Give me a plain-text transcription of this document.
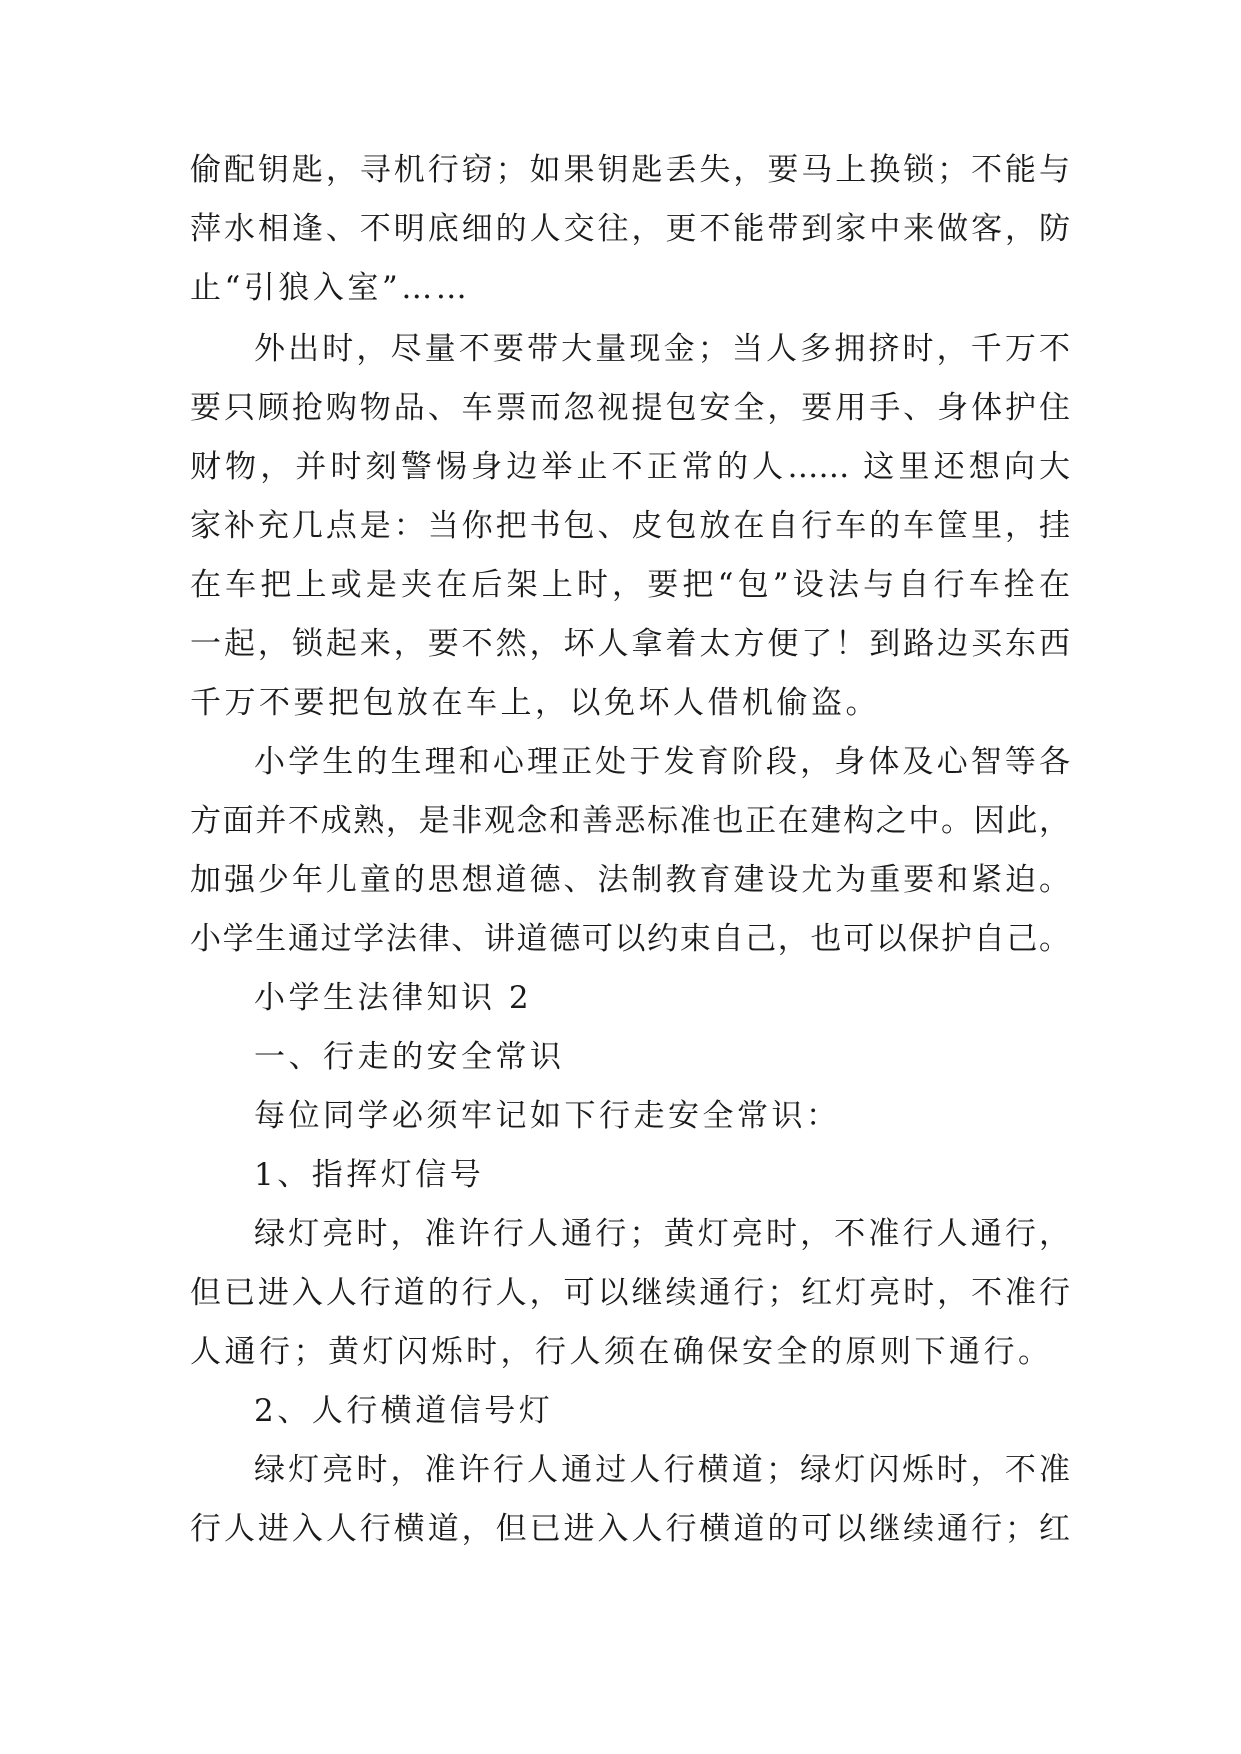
偷配钥匙，寻机行窃；如果钥匙丢失，要马上换锁；不能与
萍水相逢、不明底细的人交往，更不能带到家中来做客，防
止“引狼入室”……
外出时，尽量不要带大量现金；当人多拥挤时，千万不
要只顾抢购物品、车票而忽视提包安全，要用手、身体护住
财物，并时刻警惕身边举止不正常的人…… 这里还想向大
家补充几点是：当你把书包、皮包放在自行车的车筐里，挂
在车把上或是夹在后架上时，要把“包”设法与自行车拴在
一起，锁起来，要不然，坏人拿着太方便了！到路边买东西
千万不要把包放在车上，以免坏人借机偷盗。
小学生的生理和心理正处于发育阶段，身体及心智等各
方面并不成熟，是非观念和善恶标准也正在建构之中。因此，
加强少年儿童的思想道德、法制教育建设尤为重要和紧迫。
小学生通过学法律、讲道德可以约束自己，也可以保护自己。
小学生法律知识 2
一、行走的安全常识
每位同学必须牢记如下行走安全常识：
1、指挥灯信号
绿灯亮时，准许行人通行；黄灯亮时，不准行人通行，
但已进入人行道的行人，可以继续通行；红灯亮时，不准行
人通行；黄灯闪烁时，行人须在确保安全的原则下通行。
2、人行横道信号灯
绿灯亮时，准许行人通过人行横道；绿灯闪烁时，不准
行人进入人行横道，但已进入人行横道的可以继续通行；红
